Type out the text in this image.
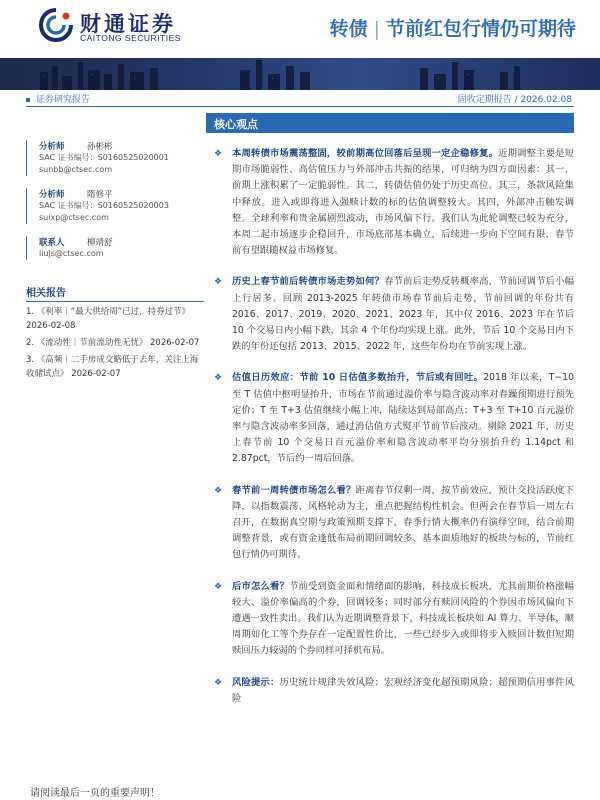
财通证券
CAITONG SECURITIES	转债 | 节前红包行情仍可期待
证券研究报告	固收定期报告 / 2026.02.08
分析师	孙彬彬
SAC 证书编号：S0160525020001
sunbb@ctsec.com
分析师	隋修平
SAC 证书编号：S0160525020003
suixp@ctsec.com
联系人	柳靖舒
liujs@ctsec.com
相关报告
1. 《利率｜“最大供给周”已过，持券过节》 2026-02-08
2. 《流动性｜节前流动性无忧》 2026-02-07
3. 《高频｜二手房成交略低于去年，关注上海收储试点》 2026-02-07
核心观点
❖ 本周转债市场震荡整固，较前期高位回落后呈现一定企稳修复。近期调整主要是短期市场脆弱性、高估值压力与外部冲击共振的结果，可归纳为四方面因素：其一，前期上涨积累了一定脆弱性。其二，转债估值仍处于历史高位。其三，条款风险集中释放。进入或即将进入强赎计数的标的估值调整较大。其四，外部冲击触发调整。全球利率和贵金属剧烈波动，市场风偏下行。我们认为此轮调整已较为充分，本周二起市场逐步企稳回升，市场底部基本确立，后续进一步向下空间有限，春节前有望跟随权益市场修复。
❖ 历史上春节前后转债市场走势如何？春节前后走势反转概率高，节前回调节后小幅上行居多。回顾 2013-2025 年转债市场春节前后走势，节前回调的年份共有 2016、2017、2019、2020、2021、2023 年，其中仅 2016、2023 年在节后 10 个交易日内小幅下跌，其余 4 个年份均实现上涨。此外，节后 10 个交易日内下跌的年份还包括 2013、2015、2022 年，这些年份均在节前实现上涨。
❖ 估值日历效应：节前 10 日估值多数抬升，节后或有回吐。2018 年以来，T−10 至 T 估值中枢明显抬升，市场在节前通过溢价率与隐含波动率对春躁预期进行预先定价；T 至 T+3 估值继续小幅上冲，陆续达到局部高点；T+3 至 T+10 百元溢价率与隐含波动率多回落，通过消估值方式熨平节前节后波动。剔除 2021 年，历史上春节前 10 个交易日百元溢价率和隐含波动率平均分别抬升约 1.14pct 和 2.87pct，节后约一周后回落。
❖ 春节前一周转债市场怎么看？距离春节仅剩一周，按节前效应，预计交投活跃度下降，以指数震荡、风格轮动为主，重点把握结构性机会。但两会在春节后一周左右召开，在数据真空期与政策预期支撑下，春季行情大概率仍有演绎空间，结合前期调整背景，或有资金逢低布局前期回调较多、基本面质地好的板块与标的，节前红包行情仍可期待。
❖ 后市怎么看？节前受到资金面和情绪面的影响，科技成长板块，尤其前期价格涨幅较大、溢价率偏高的个券，回调较多；同时部分有赎回风险的个券因市场风偏向下遭遇一致性卖出。我们认为近期调整背景下，科技成长板块如 AI 算力、半导体，顺周期如化工等个券存在一定配置性价比，一些已经步入或即将步入赎回计数但短期赎回压力较弱的个券同样可择机布局。
❖ 风险提示：历史统计规律失效风险；宏观经济变化超预期风险；超预期信用事件风险
请阅读最后一页的重要声明！
